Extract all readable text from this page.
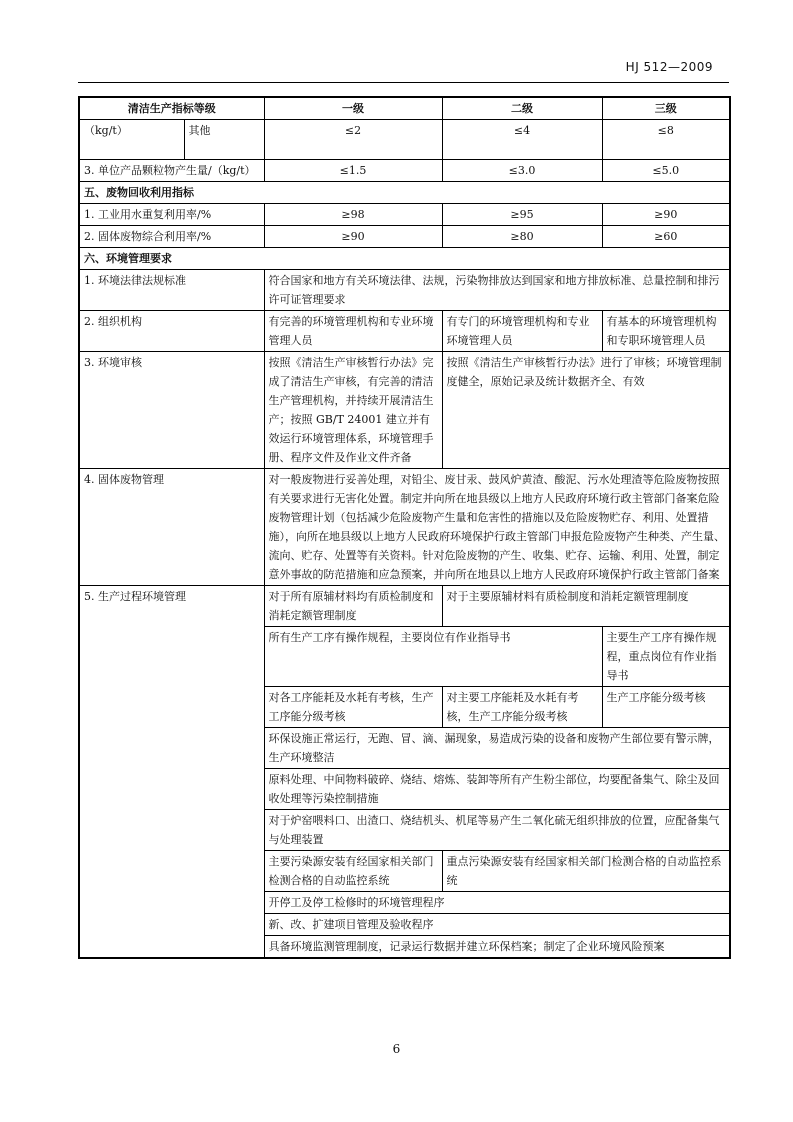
HJ 512—2009
清洁生产指标等级		一级	二级	三级
（kg/t）	其他	≤2	≤4	≤8
3. 单位产品颗粒物产生量/（kg/t）		≤1.5	≤3.0	≤5.0
五、废物回收利用指标				
1. 工业用水重复利用率/%		≥98	≥95	≥90
2. 固体废物综合利用率/%		≥90	≥80	≥60
六、环境管理要求				
1. 环境法律法规标准		符合国家和地方有关环境法律、法规，污染物排放达到国家和地方排放标准、总量控制和排污许可证管理要求		
2. 组织机构		有完善的环境管理机构和专业环境管理人员	有专门的环境管理机构和专业环境管理人员	有基本的环境管理机构和专职环境管理人员
3. 环境审核		按照《清洁生产审核暂行办法》完成了清洁生产审核，有完善的清洁生产管理机构，并持续开展清洁生产；按照 GB/T 24001 建立并有效运行环境管理体系，环境管理手册、程序文件及作业文件齐备	按照《清洁生产审核暂行办法》进行了审核；环境管理制度健全，原始记录及统计数据齐全、有效	
4. 固体废物管理		对一般废物进行妥善处理，对铅尘、废甘汞、鼓风炉黄渣、酸泥、污水处理渣等危险废物按照有关要求进行无害化处置。制定并向所在地县级以上地方人民政府环境行政主管部门备案危险废物管理计划（包括减少危险废物产生量和危害性的措施以及危险废物贮存、利用、处置措施），向所在地县级以上地方人民政府环境保护行政主管部门申报危险废物产生种类、产生量、流向、贮存、处置等有关资料。针对危险废物的产生、收集、贮存、运输、利用、处置，制定意外事故的防范措施和应急预案，并向所在地县以上地方人民政府环境保护行政主管部门备案		
5. 生产过程环境管理		对于所有原辅材料均有质检制度和消耗定额管理制度	对于主要原辅材料有质检制度和消耗定额管理制度	
		所有生产工序有操作规程，主要岗位有作业指导书		主要生产工序有操作规程，重点岗位有作业指导书
		对各工序能耗及水耗有考核，生产工序能分级考核	对主要工序能耗及水耗有考核，生产工序能分级考核	生产工序能分级考核
		环保设施正常运行，无跑、冒、滴、漏现象，易造成污染的设备和废物产生部位要有警示牌，生产环境整洁		
		原料处理、中间物料破碎、烧结、熔炼、装卸等所有产生粉尘部位，均要配备集气、除尘及回收处理等污染控制措施		
		对于炉窑喂料口、出渣口、烧结机头、机尾等易产生二氧化硫无组织排放的位置，应配备集气与处理装置		
		主要污染源安装有经国家相关部门检测合格的自动监控系统	重点污染源安装有经国家相关部门检测合格的自动监控系统	
		开停工及停工检修时的环境管理程序		
		新、改、扩建项目管理及验收程序		
		具备环境监测管理制度，记录运行数据并建立环保档案；制定了企业环境风险预案		
6
